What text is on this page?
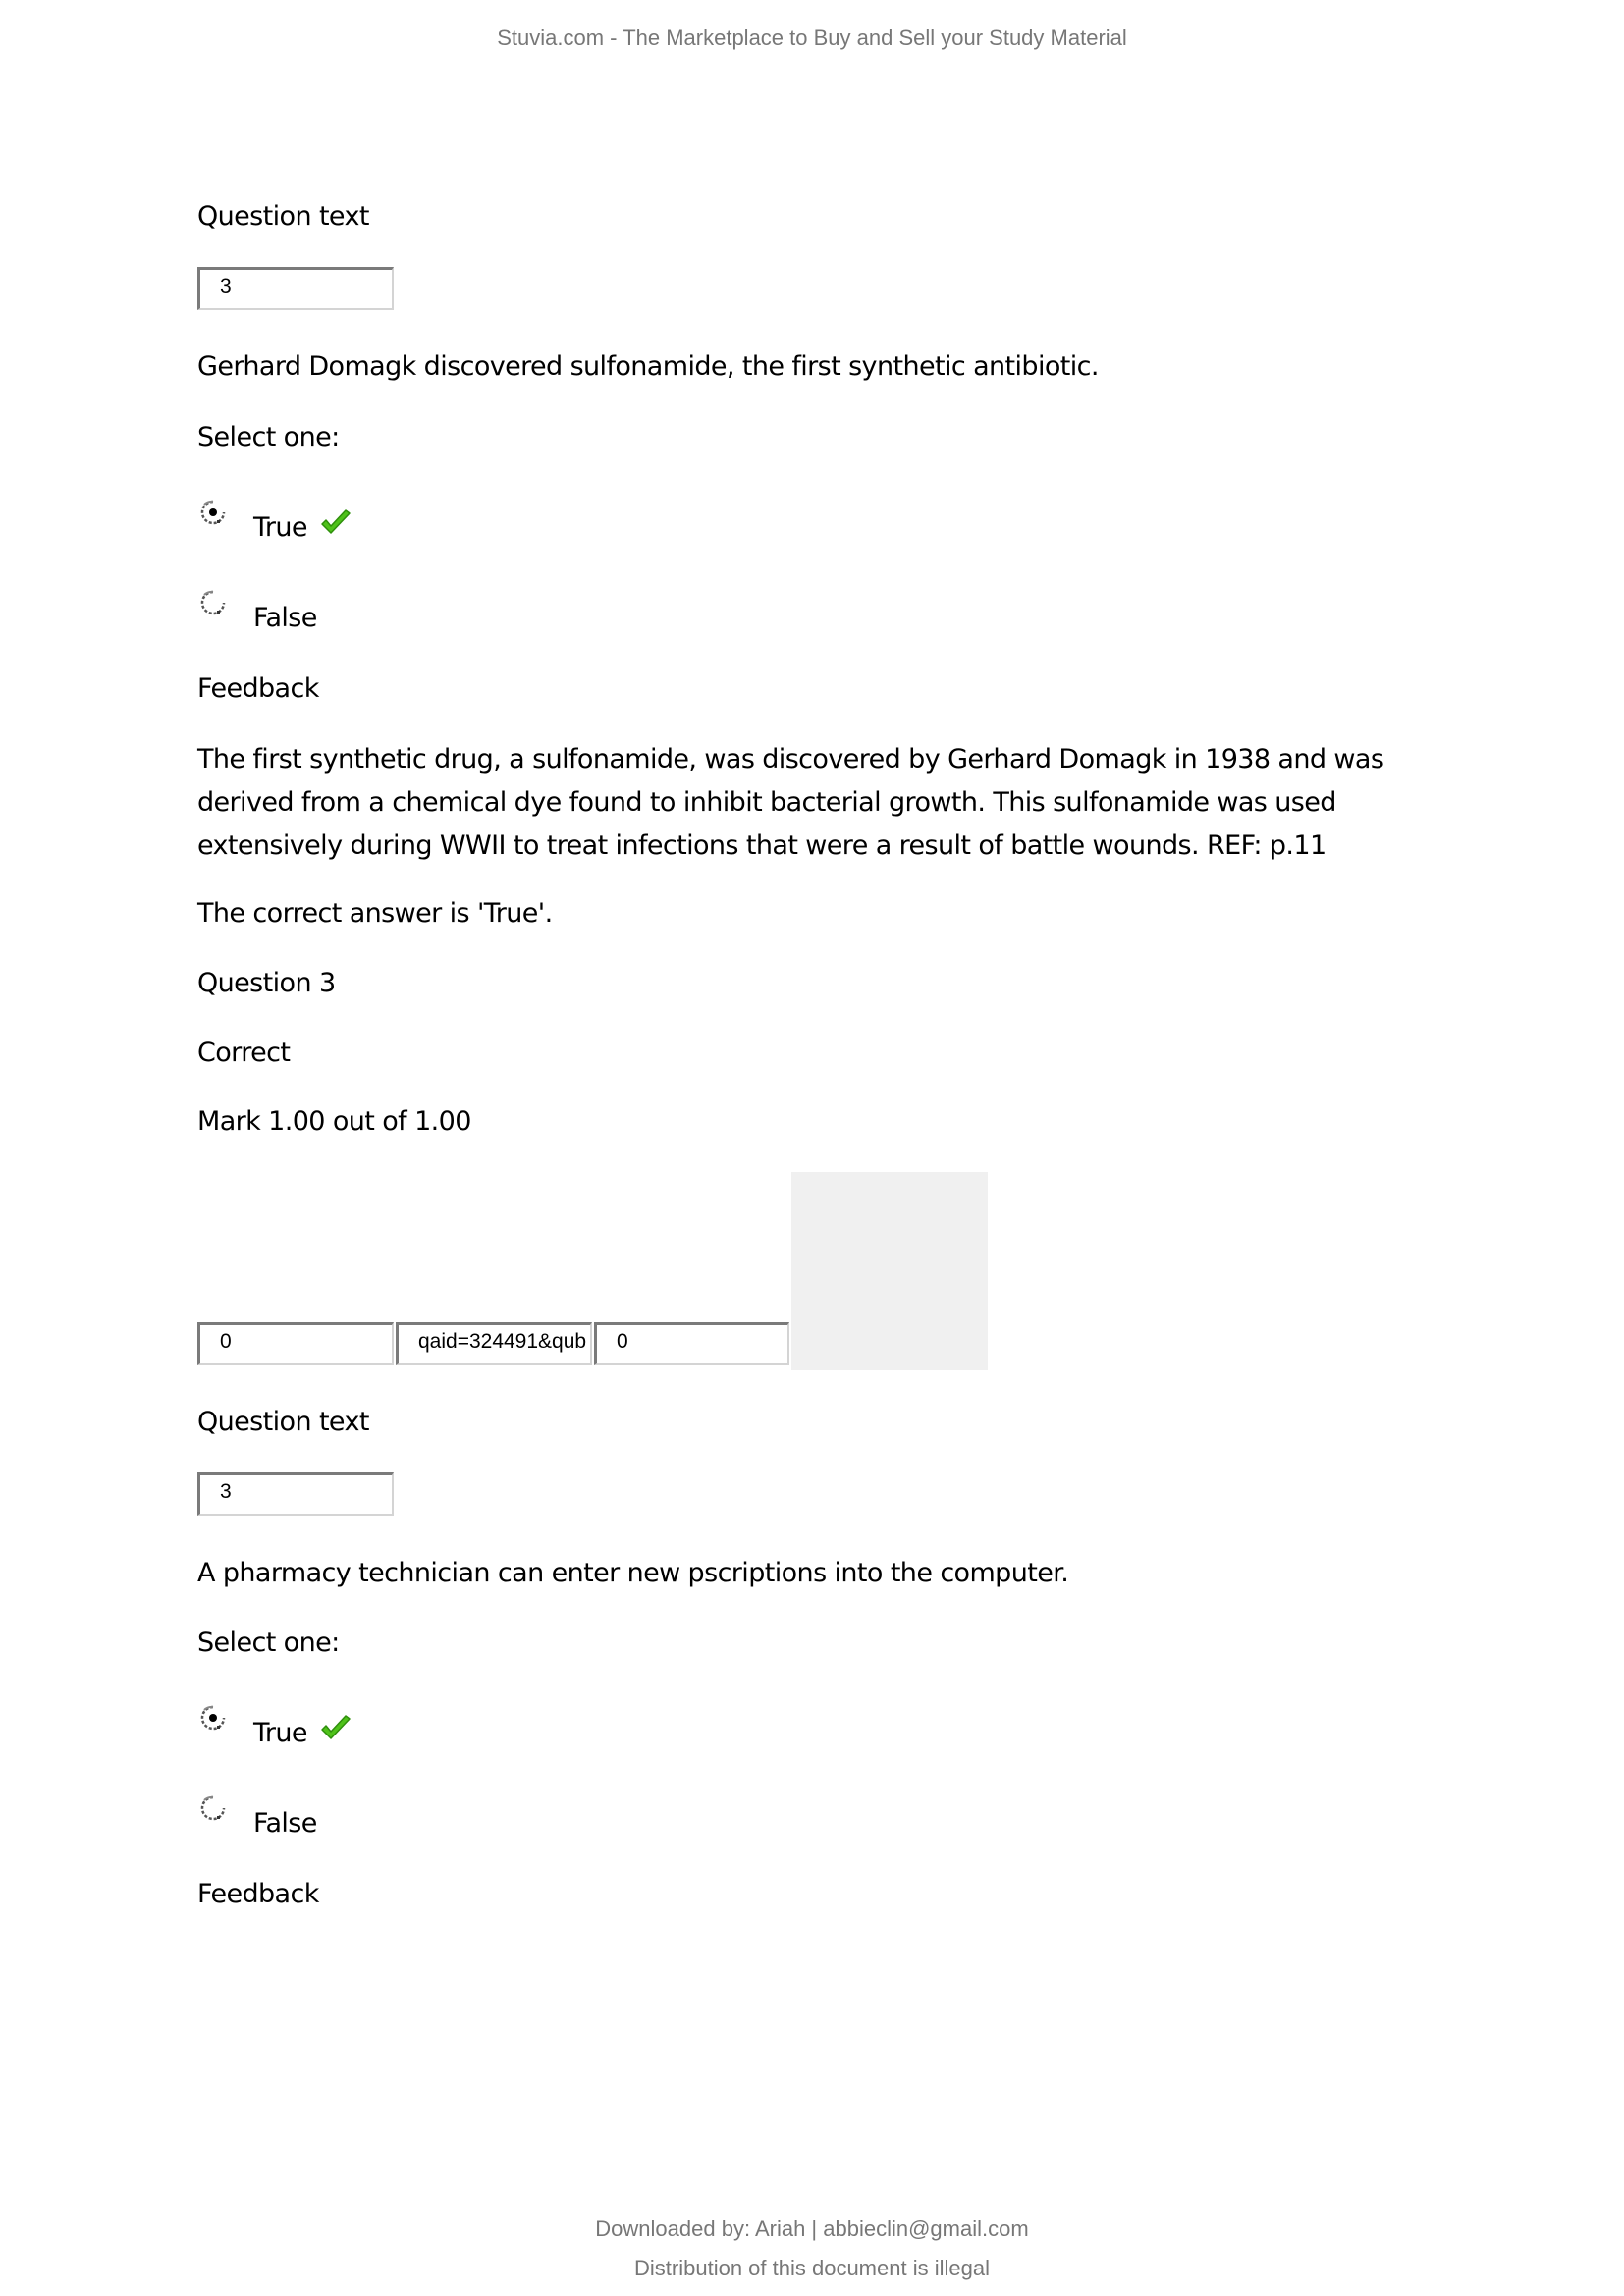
Stuvia.com - The Marketplace to Buy and Sell your Study Material
Question text
3
Gerhard Domagk discovered sulfonamide, the first synthetic antibiotic.
Select one:
True
False
Feedback
The first synthetic drug, a sulfonamide, was discovered by Gerhard Domagk in 1938 and was derived from a chemical dye found to inhibit bacterial growth. This sulfonamide was used extensively during WWII to treat infections that were a result of battle wounds. REF: p.11
The correct answer is 'True'.
Question 3
Correct
Mark 1.00 out of 1.00
0	qaid=324491&qub	0
Question text
3
A pharmacy technician can enter new pscriptions into the computer.
Select one:
True
False
Feedback
Downloaded by: Ariah | abbieclin@gmail.com
Distribution of this document is illegal
